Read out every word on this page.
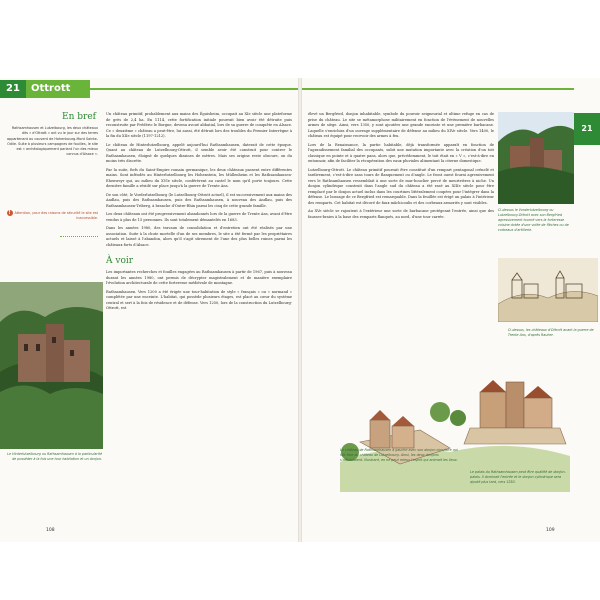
21	Ottrott
21
En bref
Rathsamhausen et Lutzelbourg, les deux châteaux dits « d'Ottrott » ont vu le jour sur des terres appartenant au couvent de Hohenbourg-Mont Sainte-Odile. Suite à plusieurs campagnes de fouilles, le site est « archéologiquement parlant l'un des mieux connus d'Alsace ».
! Attention, pour des raisons de sécurité le site est inaccessible.
Le Hinterlutzelbourg ou Rathsamhausen à la particularité de posséder à la fois une tour habitation et un donjon.

Un château primitif, probablement aux mains des Éguisheim, occupait au XIe siècle une plateforme de grès de 2,4 ha. En 1114, cette fortification initiale pourrait bien avoir été détruite puis reconstruite par Frédéric le Borgne, devenu avoué abbatial, lors de sa guerre de conquête en Alsace. Ce « deuxième » château a peut-être, lui aussi, été détruit lors des troubles du Premier Interrègne à la fin du XIIe siècle (1197-1212).

Le château de Hinterlutzelbourg, appelé aujourd'hui Rathsamhausen, daterait de cette époque. Quant au château de Lutzelbourg-Ottrott, il semble avoir été construit pour contrer le Rathsamhausen, éloigné de quelques dizaines de mètres. Mais ses origine reste obscure, on du moins très discrète.

Par la suite, fiefs du Saint-Empire romain germanique, les deux châteaux passent entre différentes mains. Sont inféodés au Hinterlutzelbourg les Hohenstein, les Müllenheim et les Rathsamhausen-Ehenweyr qui, au milieu du XVIe siècle, conférèrent au castel le nom qu'il porte toujours. Cette dernière famille a résidé sur place jusqu'à la guerre de Trente Ans.

De son côté, le Vorderlutzelbourg (le Lutzelbourg-Ottrott actuel), il est successivement aux mains des Andlau, puis des Rathsamhausen, puis des Rathsamhausen, à nouveau des Andlau, puis des Rathsamhausen-Triberg, à branche d'Outre-Rhin parmi les cinq de cette grande famille.

Les deux châteaux ont été progressivement abandonnés lors de la guerre de Trente Ans, avant d'être vendus à plus de 15 personnes. Ils sont totalement démantelés en 1683.

Dans les années 1980, des travaux de consolidation et d'entretien ont été réalisés par une association. Suite à la chute mortelle d'un de ses membres, le site a été fermé par les propriétaires actuels et laissé à l'abandon, alors qu'il s'agit sûrement de l'une des plus belles ruines parmi les châteaux forts d'Alsace.

À voir

Les importantes recherches et fouilles engagées au Rathsamhausen à partir de 1967, puis à nouveau durant les années 1980, ont permis de décrypter magistralement et de manière exemplaire l'évolution architecturale de cette forteresse médiévale de montagne.

Rathsamhausen. Vers 1200 a été érigée une tour-habitation de style « français » ou « normand » complétée par une enceinte. L'habitat, qui possède plusieurs étages, est placé au cœur du système central et sert à la fois de résidence et de défense. Vers 1250, lors de la construction du Lutzelbourg-Ottrott, est

108

élevé un Bergfried, donjon inhabitable, symbole du pouvoir seigneurial et ultime refuge en cas de prise du château. Le site se métamorphose militairement en fonction de l'évènement de nouvelles armes de siège. Ainsi, vers 1350, y sont ajoutées une grande enceinte et une première barbacane. Laquelle s'enrichira d'un ouvrage supplémentaire de défense au milieu du XIVe siècle. Vers 1400, le château est équipé pour recevoir des armes à feu.

Lors de la Renaissance, la partie habitable, déjà transformée apparaît en fonction de l'agrandissement familial des occupants, subit une mutation importante avec la création d'un toit classique en pointe et à quatre pans, alors que, précédemment, le toit était en « V », c'est-à-dire en entonnoir, afin de faciliter la récupération des eaux pluviales alimentant la citerne domestique.

Lutzelbourg-Ottrott. Le château primitif pourrait être constitué d'un rempart pentagonal crénelé et tardivement, c'est-à-dire sans tours de flanquement ou d'angle. Le front ouest fourni agressivement vers le Rathsamhausen ressemblait à une sorte de mur-bouclier percé de meurtrières à niche. Un donjon cylindrique construit dans l'angle sud du château a été rasé au XIIIe siècle pour être remplacé par le donjon actuel inclus dans les courtines littéralement coupées pour l'intégrer dans la défense. Le bossage de ce Bergfried est remarquable. Dans la feuillée est érigé un palais à l'intérieur des remparts. Cet habitat est décoré de faux mâchicoulis et des corbeaux armoriés y sont visibles.

Au XVe siècle se rajoutent à l'extérieur une sorte de barbacane protégeant l'entrée, ainsi que des fausses-braies à la base des remparts flanqués, au nord, d'une tour carrée.

Ci-dessus le Vorderlutzelbourg ou Lutzelbourg-Ottrott avec son Bergfried agressivement tourné vers la forteresse voisine dotée d'une volée de flèches ou de corbeaux d'artillerie.
Ci-dessus, les châteaux d'Ottrott avant la guerre de Trente Ans, d'après Rauher.
Le château de Rathsamhausen à gauche avec son donjon circulaire qui fait face au château de Lutzelbourg. Ainsi, les deux donjons s'affrontaient. Illustrant, en ne peut mieux l'esprit qui animait les lieux.
Le palais du Rathsamhausen peut être qualifié de donjon-palais. Il dominait l'entrée et le donjon cylindrique sera ajouté plus tard, vers 1250.
109
